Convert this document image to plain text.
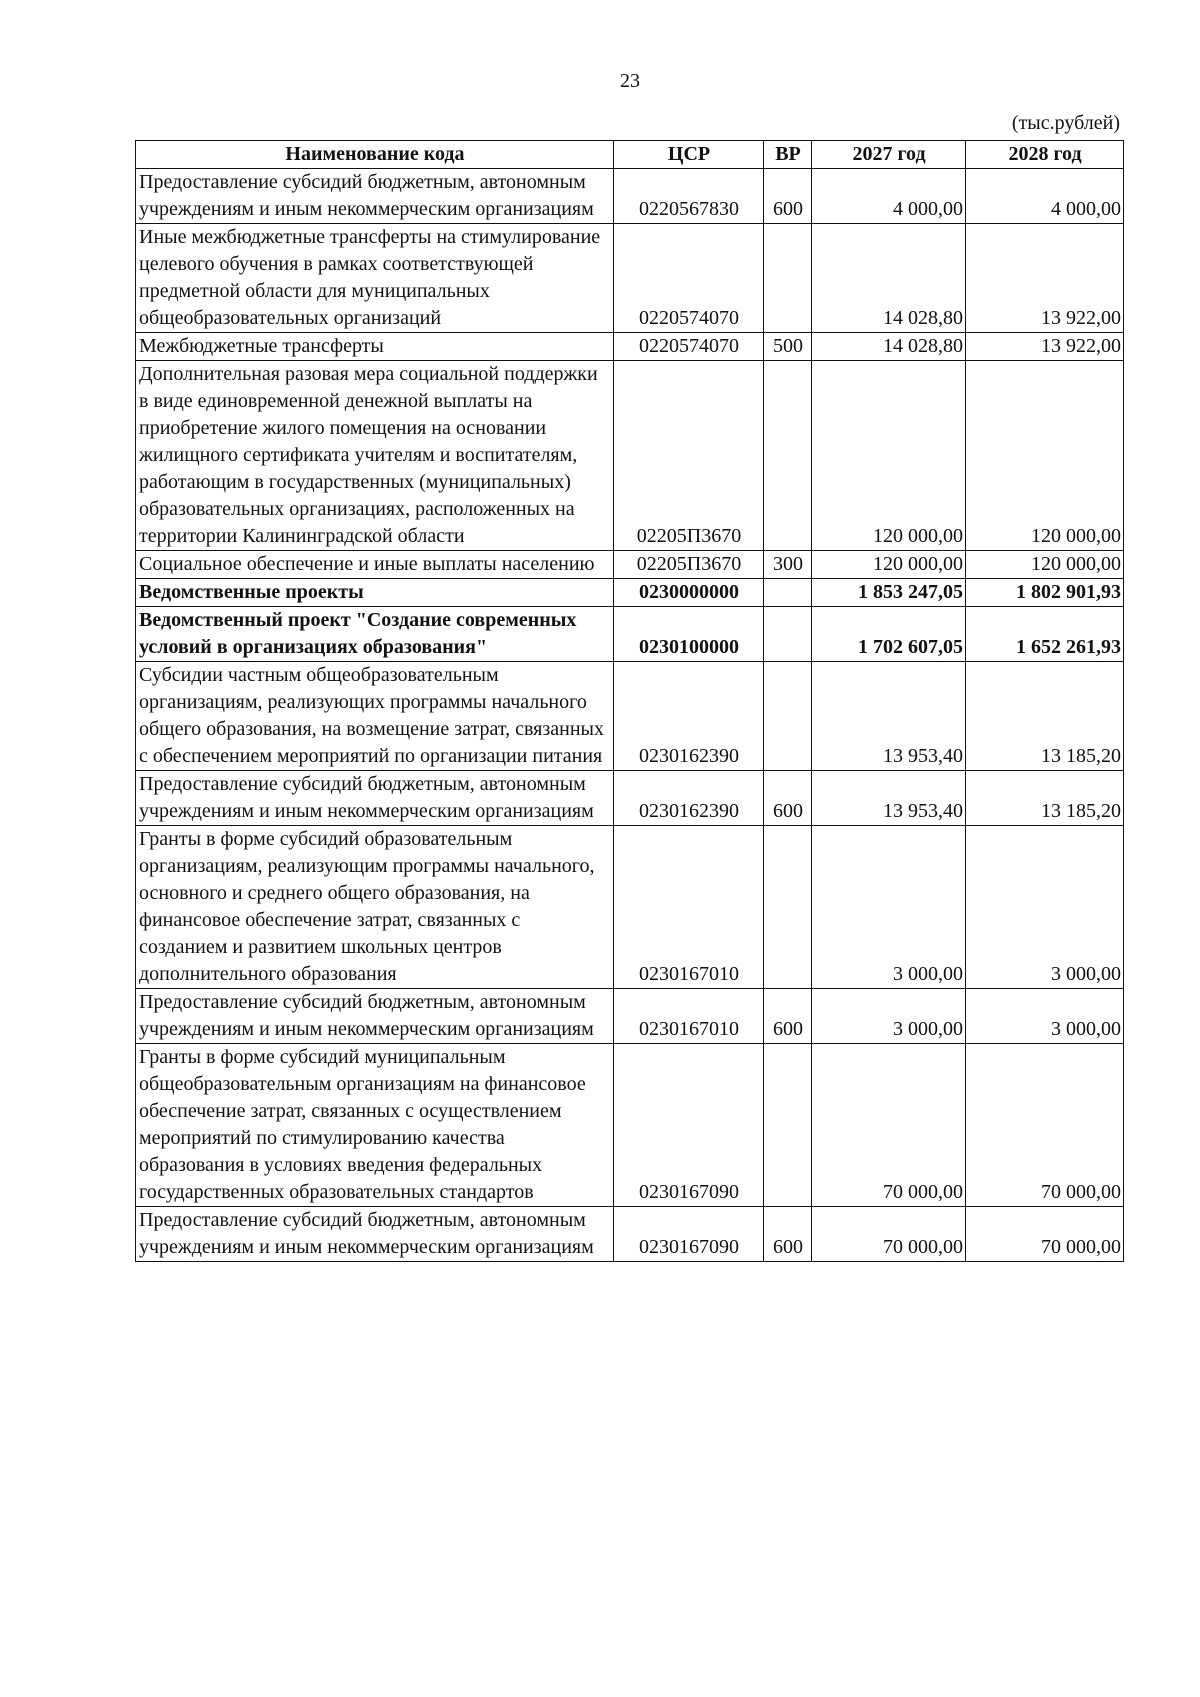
23
(тыс.рублей)
Наименование кода	ЦСР	ВР	2027 год	2028 год
Предоставление субсидий бюджетным, автономным учреждениям и иным некоммерческим организациям	0220567830	600	4 000,00	4 000,00
Иные межбюджетные трансферты на стимулирование целевого обучения в рамках соответствующей предметной области для муниципальных общеобразовательных организаций	0220574070		14 028,80	13 922,00
Межбюджетные трансферты	0220574070	500	14 028,80	13 922,00
Дополнительная разовая мера социальной поддержки в виде единовременной денежной выплаты на приобретение жилого помещения на основании жилищного сертификата учителям и воспитателям, работающим в государственных (муниципальных) образовательных организациях, расположенных на территории Калининградской области	02205П3670		120 000,00	120 000,00
Социальное обеспечение и иные выплаты населению	02205П3670	300	120 000,00	120 000,00
Ведомственные проекты	0230000000		1 853 247,05	1 802 901,93
Ведомственный проект "Создание современных условий в организациях образования"	0230100000		1 702 607,05	1 652 261,93
Субсидии частным общеобразовательным организациям, реализующих программы начального общего образования, на возмещение затрат, связанных с обеспечением мероприятий по организации питания	0230162390		13 953,40	13 185,20
Предоставление субсидий бюджетным, автономным учреждениям и иным некоммерческим организациям	0230162390	600	13 953,40	13 185,20
Гранты в форме субсидий образовательным организациям, реализующим программы начального, основного и среднего общего образования, на финансовое обеспечение затрат, связанных с созданием и развитием школьных центров дополнительного образования	0230167010		3 000,00	3 000,00
Предоставление субсидий бюджетным, автономным учреждениям и иным некоммерческим организациям	0230167010	600	3 000,00	3 000,00
Гранты в форме субсидий муниципальным общеобразовательным организациям на финансовое обеспечение затрат, связанных с осуществлением мероприятий по стимулированию качества образования в условиях введения федеральных государственных образовательных стандартов	0230167090		70 000,00	70 000,00
Предоставление субсидий бюджетным, автономным учреждениям и иным некоммерческим организациям	0230167090	600	70 000,00	70 000,00
